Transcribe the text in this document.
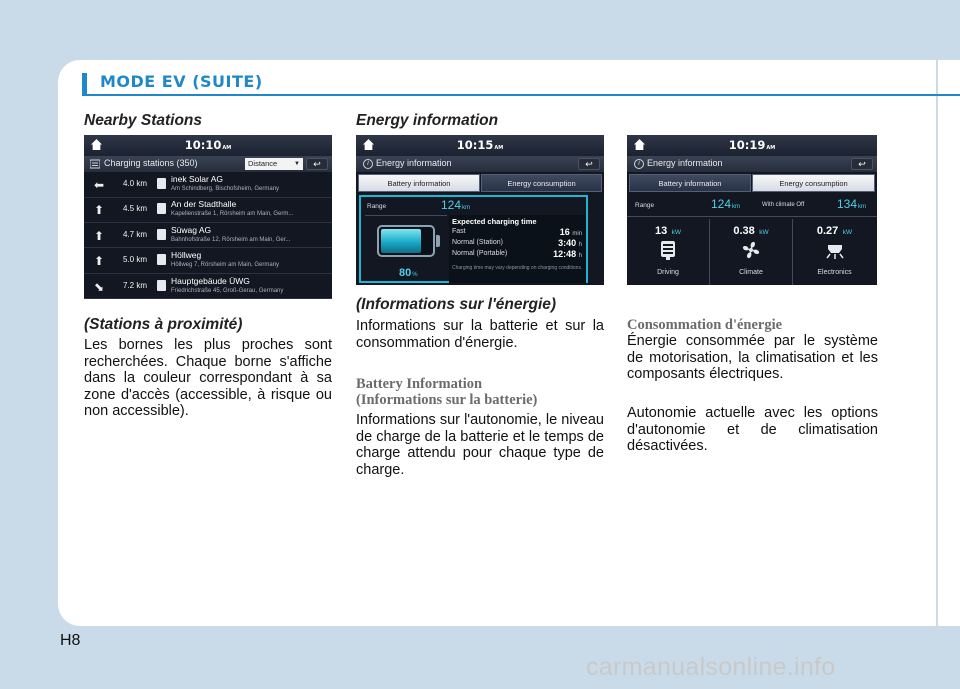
MODE EV (SUITE)
Nearby Stations
10:10AM
Charging stations (350)	Distance	▼	↩
⬅ 4.0 km	inek Solar AG
Am Schindberg, Bischofsheim, Germany
⬆ 4.5 km	An der Stadthalle
Kapellenstraße 1, Rörsheim am Main, Germ...
⬆ 4.7 km	Süwag AG
Bahnhofstraße 12, Rörsheim am Main, Ger...
⬆ 5.0 km	Höllweg
Höllweg 7, Rörsheim am Main, Germany
⬊ 7.2 km	Hauptgebäude ÜWG
Friedrichstraße 45, Groß-Gerau, Germany
(Stations à proximité)
Les bornes les plus proches sont recherchées. Chaque borne s'affiche dans la couleur correspondant à sa zone d'accès (accessible, à risque ou non accessible).
Energy information
10:15AM
i Energy information	↩
Battery information	Energy consumption
Range	124km
80%
Expected charging time
Fast	16 min
Normal (Station)	3:40 h
Normal (Portable)	12:48 h
Charging time may vary depending on charging conditions.
(Informations sur l'énergie)
Informations sur la batterie et sur la consommation d'énergie.
Battery Information
(Informations sur la batterie)
Informations sur l'autonomie, le niveau de charge de la batterie et le temps de charge attendu pour chaque type de charge.
10:19AM
i Energy information	↩
Battery information	Energy consumption
Range	124km	With climate Off	134km
13 kW
Driving
0.38 kW
Climate
0.27 kW
Electronics
Consommation d'énergie
Énergie consommée par le système de motorisation, la climatisation et les composants électriques.
Autonomie actuelle avec les options d'autonomie et de climatisation désactivées.
H8
carmanualsonline.info
